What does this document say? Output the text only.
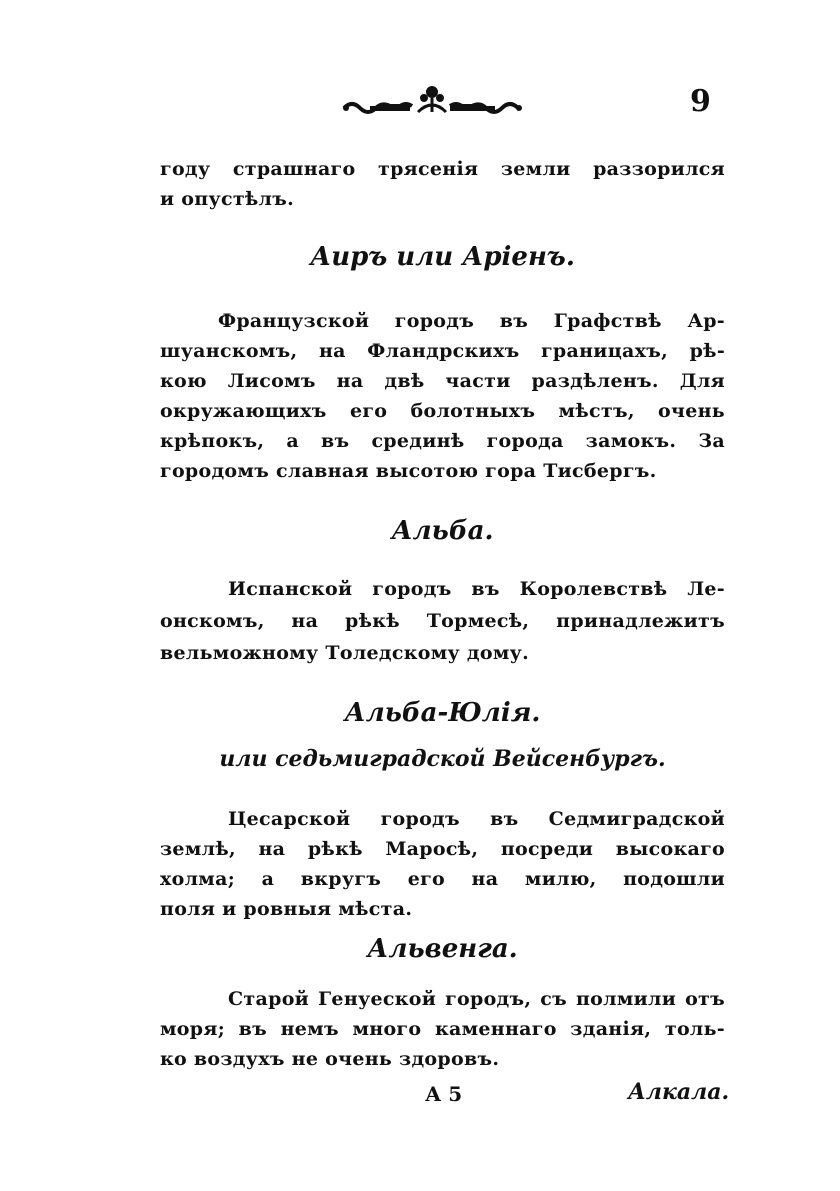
9
году страшнаго трясенія земли раззорился
и опустѣлъ.
Аиръ или Аріенъ.
Французской городъ въ Графствѣ Ар-
шуанскомъ, на Фландрскихъ границахъ, рѣ-
кою Лисомъ на двѣ части раздѣленъ. Для
окружающихъ его болотныхъ мѣстъ, очень
крѣпокъ, а въ срединѣ города замокъ. За
городомъ славная высотою гора Тисбергъ.
Альба.
Испанской городъ въ Королевствѣ Ле-
онскомъ, на рѣкѣ Тормесѣ, принадлежитъ
вельможному Толедскому дому.
Альба-Юлія.
или седьмиградской Вейсенбургъ.
Цесарской городъ въ Седмиградской
землѣ, на рѣкѣ Маросѣ, посреди высокаго
холма; а вкругъ его на милю, подошли
поля и ровныя мѣста.
Альвенга.
Старой Генуеской городъ, съ полмили отъ
моря; въ немъ много каменнаго зданія, толь-
ко воздухъ не очень здоровъ.
А 5	Алкала.
